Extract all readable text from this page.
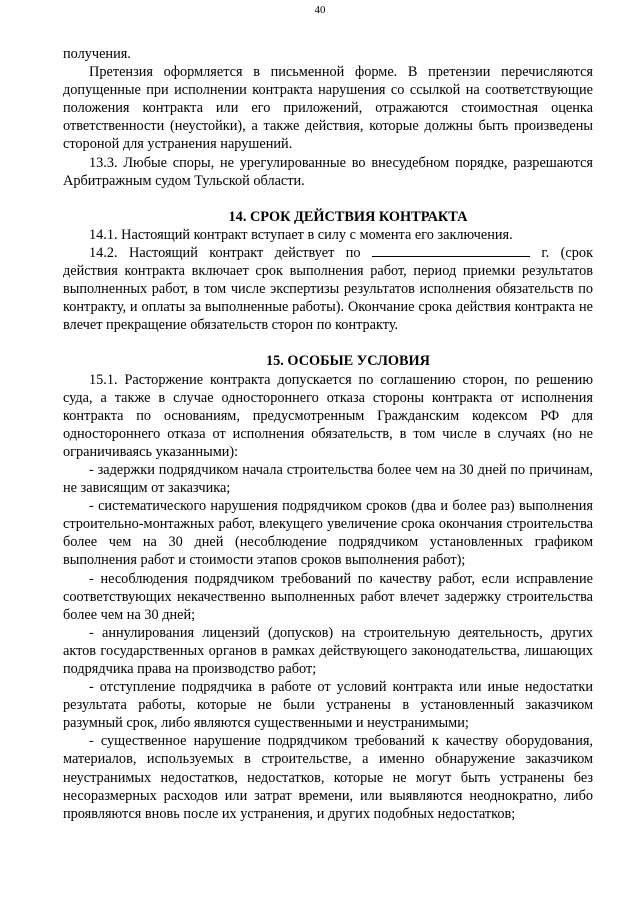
40

получения.

Претензия оформляется в письменной форме. В претензии перечисляются допущенные при исполнении контракта нарушения со ссылкой на соответствующие положения контракта или его приложений, отражаются стоимостная оценка ответственности (неустойки), а также действия, которые должны быть произведены стороной для устранения нарушений.

13.3. Любые споры, не урегулированные во внесудебном порядке, разрешаются Арбитражным судом Тульской области.

14. СРОК ДЕЙСТВИЯ КОНТРАКТА

14.1. Настоящий контракт вступает в силу с момента его заключения.

14.2. Настоящий контракт действует по	г. (срок действия контракта включает срок выполнения работ, период приемки результатов выполненных работ, в том числе экспертизы результатов исполнения обязательств по контракту, и оплаты за выполненные работы). Окончание срока действия контракта не влечет прекращение обязательств сторон по контракту.

15. ОСОБЫЕ УСЛОВИЯ

15.1. Расторжение контракта допускается по соглашению сторон, по решению суда, а также в случае одностороннего отказа стороны контракта от исполнения контракта по основаниям, предусмотренным Гражданским кодексом РФ для одностороннего отказа от исполнения обязательств, в том числе в случаях (но не ограничиваясь указанными):

- задержки подрядчиком начала строительства более чем на 30 дней по причинам, не зависящим от заказчика;

- систематического нарушения подрядчиком сроков (два и более раз) выполнения строительно-монтажных работ, влекущего увеличение срока окончания строительства более чем на 30 дней (несоблюдение подрядчиком установленных графиком выполнения работ и стоимости этапов сроков выполнения работ);

- несоблюдения подрядчиком требований по качеству работ, если исправление соответствующих некачественно выполненных работ влечет задержку строительства более чем на 30 дней;

- аннулирования лицензий (допусков) на строительную деятельность, других актов государственных органов в рамках действующего законодательства, лишающих подрядчика права на производство работ;

- отступление подрядчика в работе от условий контракта или иные недостатки результата работы, которые не были устранены в установленный заказчиком разумный срок, либо являются существенными и неустранимыми;

- существенное нарушение подрядчиком требований к качеству оборудования, материалов, используемых в строительстве, а именно обнаружение заказчиком неустранимых недостатков, недостатков, которые не могут быть устранены без несоразмерных расходов или затрат времени, или выявляются неоднократно, либо проявляются вновь после их устранения, и других подобных недостатков;
